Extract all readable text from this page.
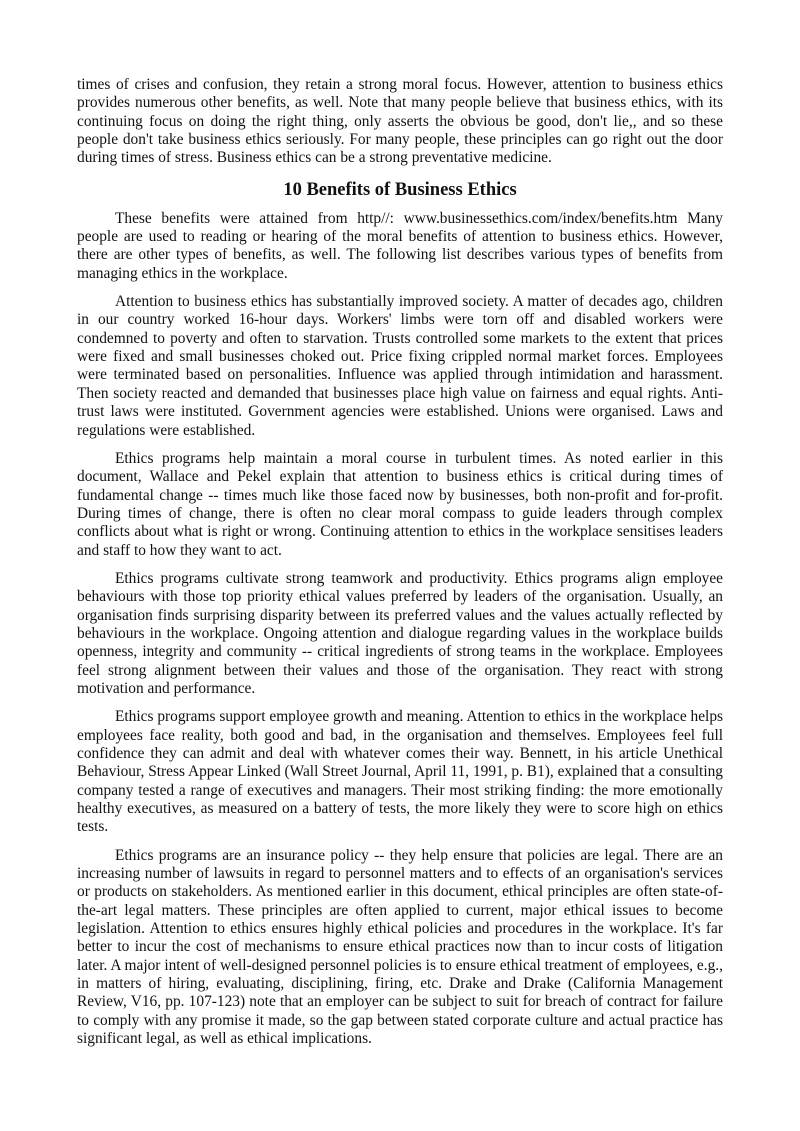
times of crises and confusion, they retain a strong moral focus. However, attention to business ethics provides numerous other benefits, as well. Note that many people believe that business ethics, with its continuing focus on doing the right thing, only asserts the obvious be good, don't lie,, and so these people don't take business ethics seriously. For many people, these principles can go right out the door during times of stress. Business ethics can be a strong preventative medicine.

10 Benefits of Business Ethics

These benefits were attained from http//: www.businessethics.com/index/benefits.htm Many people are used to reading or hearing of the moral benefits of attention to business ethics. However, there are other types of benefits, as well. The following list describes various types of benefits from managing ethics in the workplace.

Attention to business ethics has substantially improved society. A matter of decades ago, children in our country worked 16-hour days. Workers' limbs were torn off and disabled workers were condemned to poverty and often to starvation. Trusts controlled some markets to the extent that prices were fixed and small businesses choked out. Price fixing crippled normal market forces. Employees were terminated based on personalities. Influence was applied through intimidation and harassment. Then society reacted and demanded that businesses place high value on fairness and equal rights. Anti-trust laws were instituted. Government agencies were established. Unions were organised. Laws and regulations were established.

Ethics programs help maintain a moral course in turbulent times. As noted earlier in this document, Wallace and Pekel explain that attention to business ethics is critical during times of fundamental change -- times much like those faced now by businesses, both non-profit and for-profit. During times of change, there is often no clear moral compass to guide leaders through complex conflicts about what is right or wrong. Continuing attention to ethics in the workplace sensitises leaders and staff to how they want to act.

Ethics programs cultivate strong teamwork and productivity. Ethics programs align employee behaviours with those top priority ethical values preferred by leaders of the organisation. Usually, an organisation finds surprising disparity between its preferred values and the values actually reflected by behaviours in the workplace. Ongoing attention and dialogue regarding values in the workplace builds openness, integrity and community -- critical ingredients of strong teams in the workplace. Employees feel strong alignment between their values and those of the organisation. They react with strong motivation and performance.

Ethics programs support employee growth and meaning. Attention to ethics in the workplace helps employees face reality, both good and bad, in the organisation and themselves. Employees feel full confidence they can admit and deal with whatever comes their way. Bennett, in his article Unethical Behaviour, Stress Appear Linked (Wall Street Journal, April 11, 1991, p. B1), explained that a consulting company tested a range of executives and managers. Their most striking finding: the more emotionally healthy executives, as measured on a battery of tests, the more likely they were to score high on ethics tests.

Ethics programs are an insurance policy -- they help ensure that policies are legal. There are an increasing number of lawsuits in regard to personnel matters and to effects of an organisation's services or products on stakeholders. As mentioned earlier in this document, ethical principles are often state-of-the-art legal matters. These principles are often applied to current, major ethical issues to become legislation. Attention to ethics ensures highly ethical policies and procedures in the workplace. It's far better to incur the cost of mechanisms to ensure ethical practices now than to incur costs of litigation later. A major intent of well-designed personnel policies is to ensure ethical treatment of employees, e.g., in matters of hiring, evaluating, disciplining, firing, etc. Drake and Drake (California Management Review, V16, pp. 107-123) note that an employer can be subject to suit for breach of contract for failure to comply with any promise it made, so the gap between stated corporate culture and actual practice has significant legal, as well as ethical implications.
